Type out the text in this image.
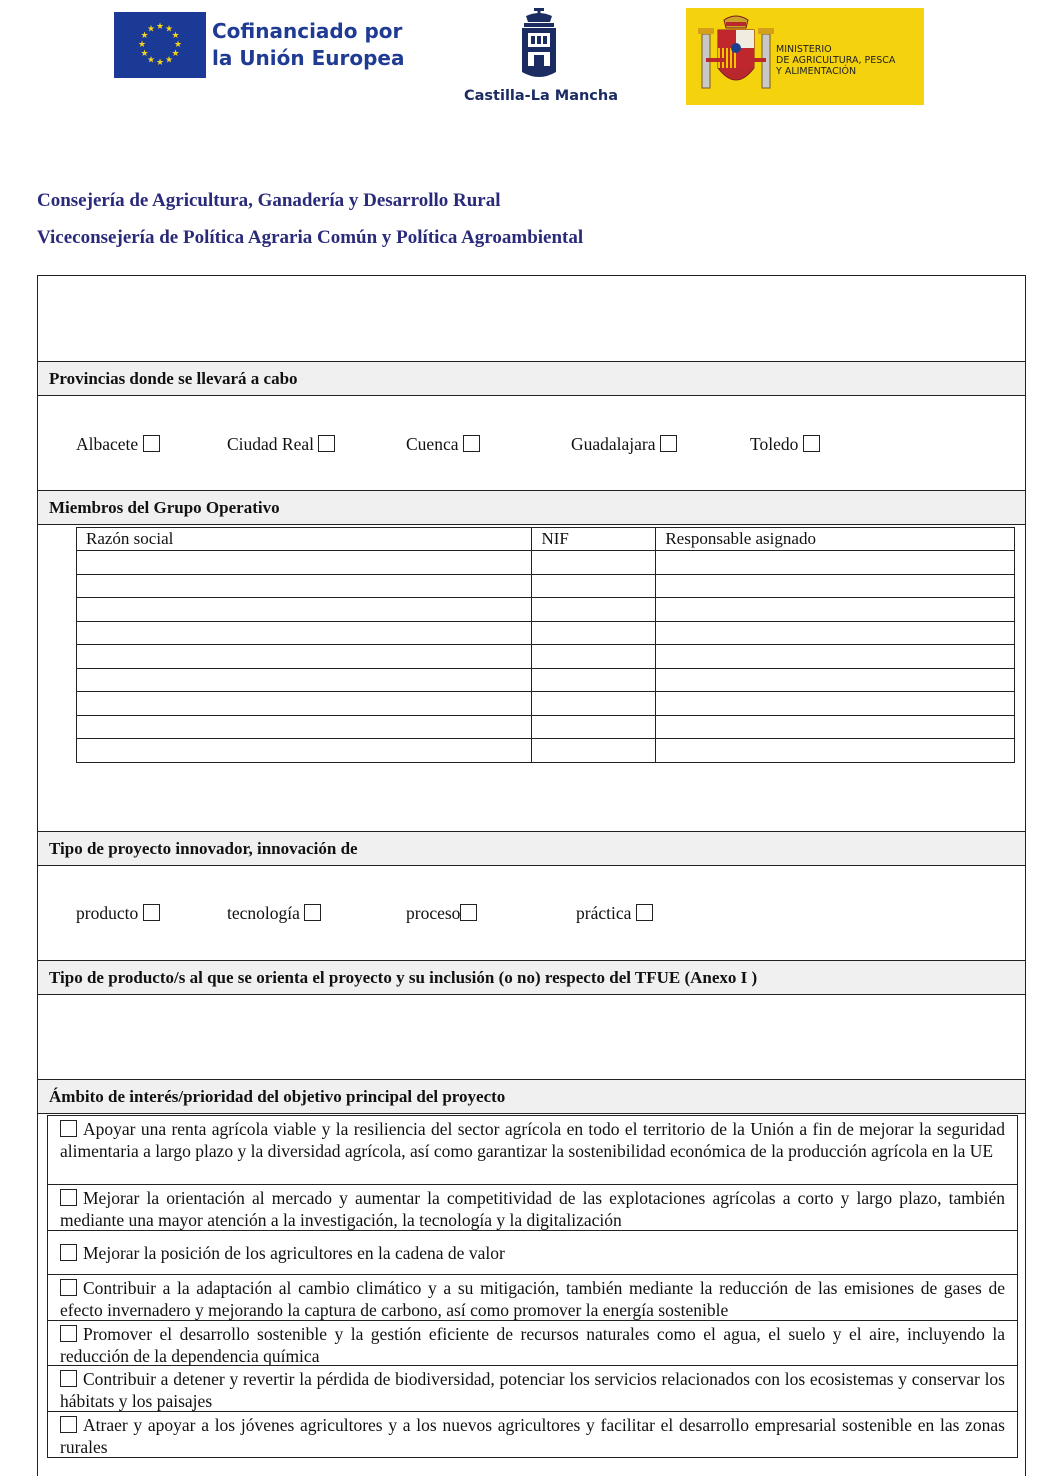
★ ★
★
★
★
★
★
★
★
★
★
★	Cofinanciado por
la Unión Europea
Castilla-La Mancha
MINISTERIO
DE AGRICULTURA, PESCA
Y ALIMENTACIÓN
Consejería de Agricultura, Ganadería y Desarrollo Rural
Viceconsejería de Política Agraria Común y Política Agroambiental
Provincias donde se llevará a cabo
Albacete	Ciudad Real	Cuenca	Guadalajara	Toledo
Miembros del Grupo Operativo
Razón social	NIF	Responsable asignado

Tipo de proyecto innovador, innovación de
producto	tecnología	proceso	práctica
Tipo de producto/s al que se orienta el proyecto y su inclusión (o no) respecto del TFUE (Anexo I )
Ámbito de interés/prioridad del objetivo principal del proyecto
Apoyar una renta agrícola viable y la resiliencia del sector agrícola en todo el territorio de la Unión a fin de mejorar la seguridad alimentaria a largo plazo y la diversidad agrícola, así como garantizar la sostenibilidad económica de la producción agrícola en la UE
Mejorar la orientación al mercado y aumentar la competitividad de las explotaciones agrícolas a corto y largo plazo, también mediante una mayor atención a la investigación, la tecnología y la digitalización
Mejorar la posición de los agricultores en la cadena de valor
Contribuir a la adaptación al cambio climático y a su mitigación, también mediante la reducción de las emisiones de gases de efecto invernadero y mejorando la captura de carbono, así como promover la energía sostenible
Promover el desarrollo sostenible y la gestión eficiente de recursos naturales como el agua, el suelo y el aire, incluyendo la reducción de la dependencia química
Contribuir a detener y revertir la pérdida de biodiversidad, potenciar los servicios relacionados con los ecosistemas y conservar los hábitats y los paisajes
Atraer y apoyar a los jóvenes agricultores y a los nuevos agricultores y facilitar el desarrollo empresarial sostenible en las zonas rurales
